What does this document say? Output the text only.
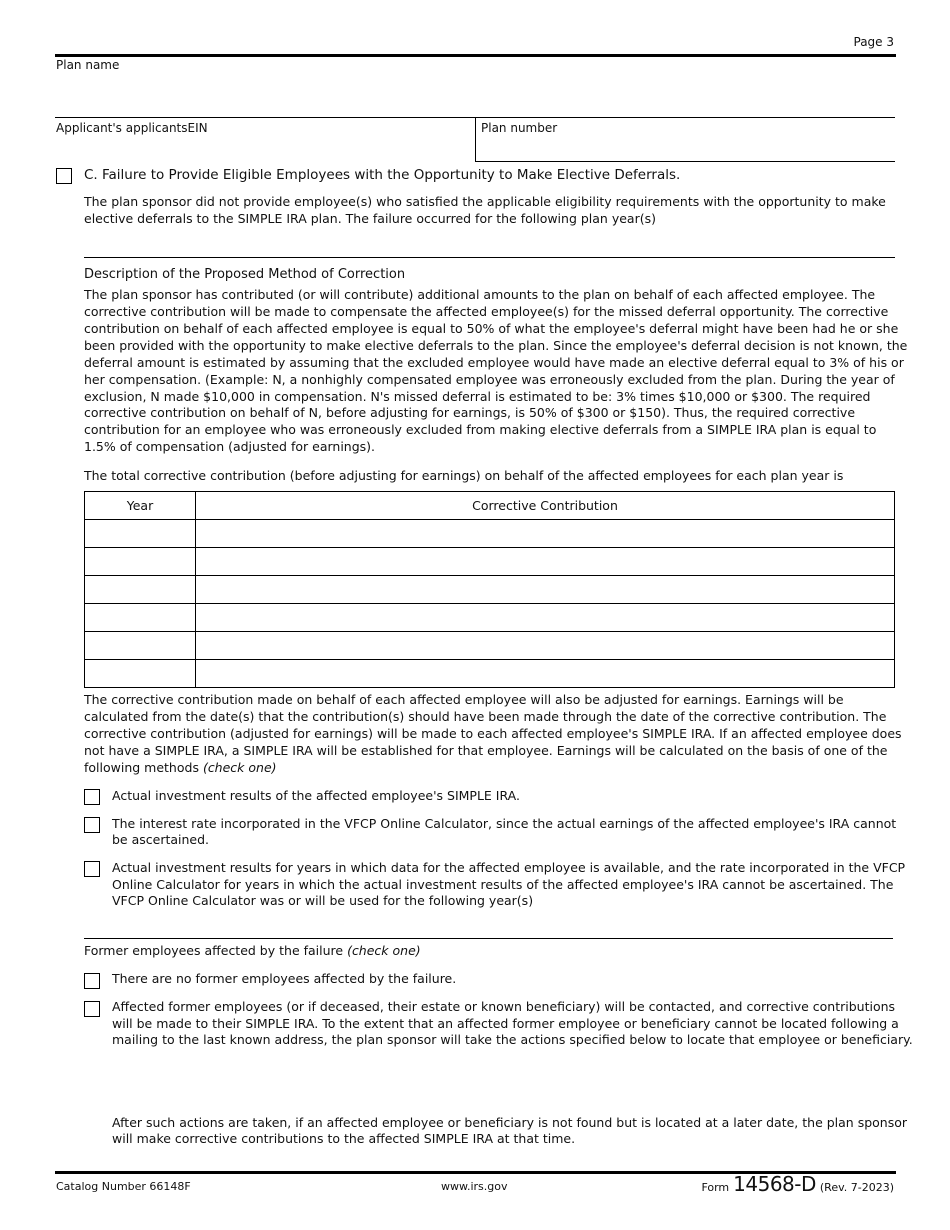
Page 3
Plan name
Applicant's applicantsEIN	Plan number
C. Failure to Provide Eligible Employees with the Opportunity to Make Elective Deferrals.
The plan sponsor did not provide employee(s) who satisfied the applicable eligibility requirements with the opportunity to make
elective deferrals to the SIMPLE IRA plan. The failure occurred for the following plan year(s)
Description of the Proposed Method of Correction
The plan sponsor has contributed (or will contribute) additional amounts to the plan on behalf of each affected employee. The
corrective contribution will be made to compensate the affected employee(s) for the missed deferral opportunity. The corrective
contribution on behalf of each affected employee is equal to 50% of what the employee's deferral might have been had he or she
been provided with the opportunity to make elective deferrals to the plan. Since the employee's deferral decision is not known, the
deferral amount is estimated by assuming that the excluded employee would have made an elective deferral equal to 3% of his or
her compensation. (Example: N, a nonhighly compensated employee was erroneously excluded from the plan. During the year of
exclusion, N made $10,000 in compensation. N's missed deferral is estimated to be: 3% times $10,000 or $300. The required
corrective contribution on behalf of N, before adjusting for earnings, is 50% of $300 or $150). Thus, the required corrective
contribution for an employee who was erroneously excluded from making elective deferrals from a SIMPLE IRA plan is equal to
1.5% of compensation (adjusted for earnings).
The total corrective contribution (before adjusting for earnings) on behalf of the affected employees for each plan year is
Year	Corrective Contribution

The corrective contribution made on behalf of each affected employee will also be adjusted for earnings. Earnings will be
calculated from the date(s) that the contribution(s) should have been made through the date of the corrective contribution. The
corrective contribution (adjusted for earnings) will be made to each affected employee's SIMPLE IRA. If an affected employee does
not have a SIMPLE IRA, a SIMPLE IRA will be established for that employee. Earnings will be calculated on the basis of one of the
following methods (check one)
Actual investment results of the affected employee's SIMPLE IRA.
The interest rate incorporated in the VFCP Online Calculator, since the actual earnings of the affected employee's IRA cannot
be ascertained.
Actual investment results for years in which data for the affected employee is available, and the rate incorporated in the VFCP
Online Calculator for years in which the actual investment results of the affected employee's IRA cannot be ascertained. The
VFCP Online Calculator was or will be used for the following year(s)
Former employees affected by the failure (check one)
There are no former employees affected by the failure.
Affected former employees (or if deceased, their estate or known beneficiary) will be contacted, and corrective contributions
will be made to their SIMPLE IRA. To the extent that an affected former employee or beneficiary cannot be located following a
mailing to the last known address, the plan sponsor will take the actions specified below to locate that employee or beneficiary.
After such actions are taken, if an affected employee or beneficiary is not found but is located at a later date, the plan sponsor
will make corrective contributions to the affected SIMPLE IRA at that time.
Catalog Number 66148F	www.irs.gov	Form 14568-D (Rev. 7-2023)
